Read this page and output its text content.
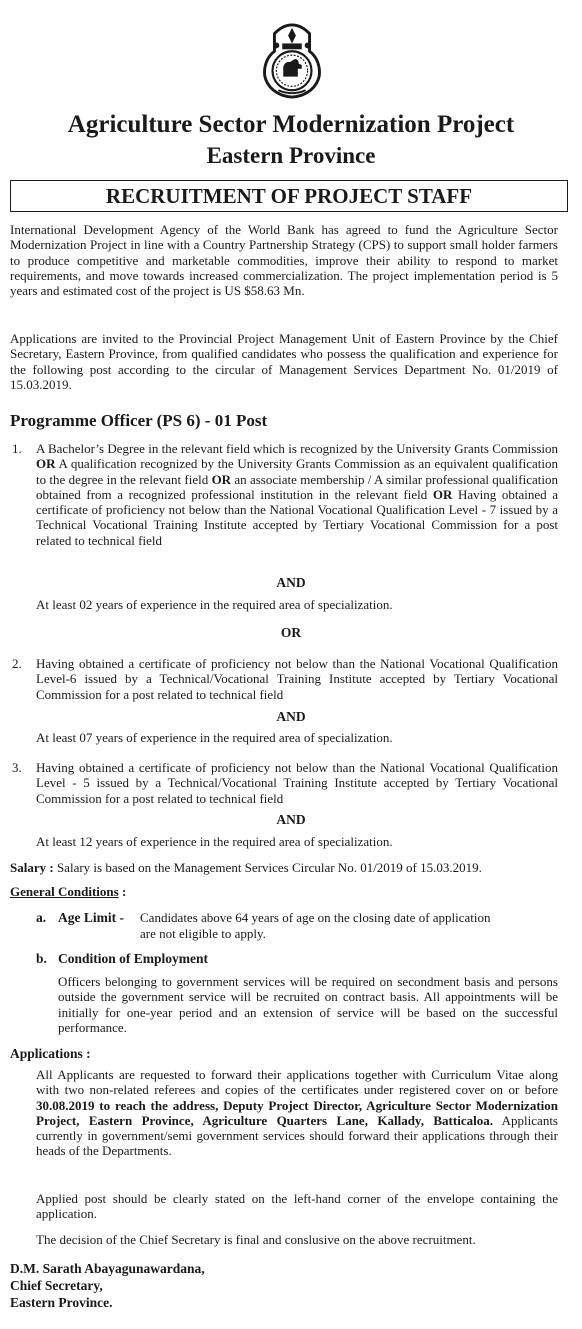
Agriculture Sector Modernization Project
Eastern Province
RECRUITMENT OF PROJECT STAFF
International Development Agency of the World Bank has agreed to fund the Agriculture Sector Modernization Project in line with a Country Partnership Strategy (CPS) to support small holder farmers to produce competitive and marketable commodities, improve their ability to respond to market requirements, and move towards increased commercialization. The project implementation period is 5 years and estimated cost of the project is US $58.63 Mn.
Applications are invited to the Provincial Project Management Unit of Eastern Province by the Chief Secretary, Eastern Province, from qualified candidates who possess the qualification and experience for the following post according to the circular of Management Services Department No. 01/2019 of 15.03.2019.
Programme Officer (PS 6) - 01 Post
1. A Bachelor’s Degree in the relevant field which is recognized by the University Grants Commission OR A qualification recognized by the University Grants Commission as an equivalent qualification to the degree in the relevant field OR an associate membership / A similar professional qualification obtained from a recognized professional institution in the relevant field OR Having obtained a certificate of proficiency not below than the National Vocational Qualification Level - 7 issued by a Technical Vocational Training Institute accepted by Tertiary Vocational Commission for a post related to technical field
AND
At least 02 years of experience in the required area of specialization.
OR
2. Having obtained a certificate of proficiency not below than the National Vocational Qualification Level-6 issued by a Technical/Vocational Training Institute accepted by Tertiary Vocational Commission for a post related to technical field
AND
At least 07 years of experience in the required area of specialization.
3. Having obtained a certificate of proficiency not below than the National Vocational Qualification Level - 5 issued by a Technical/Vocational Training Institute accepted by Tertiary Vocational Commission for a post related to technical field
AND
At least 12 years of experience in the required area of specialization.
Salary : Salary is based on the Management Services Circular No. 01/2019 of 15.03.2019.
General Conditions :
a. Age Limit - Candidates above 64 years of age on the closing date of application
are not eligible to apply.
b. Condition of Employment
Officers belonging to government services will be required on secondment basis and persons outside the government service will be recruited on contract basis. All appointments will be initially for one-year period and an extension of service will be based on the successful performance.
Applications :
All Applicants are requested to forward their applications together with Curriculum Vitae along with two non-related referees and copies of the certificates under registered cover on or before 30.08.2019 to reach the address, Deputy Project Director, Agriculture Sector Modernization Project, Eastern Province, Agriculture Quarters Lane, Kallady, Batticaloa. Applicants currently in government/semi government services should forward their applications through their heads of the Departments.
Applied post should be clearly stated on the left-hand corner of the envelope containing the application.
The decision of the Chief Secretary is final and conslusive on the above recruitment.
D.M. Sarath Abayagunawardana,
Chief Secretary,
Eastern Province.
